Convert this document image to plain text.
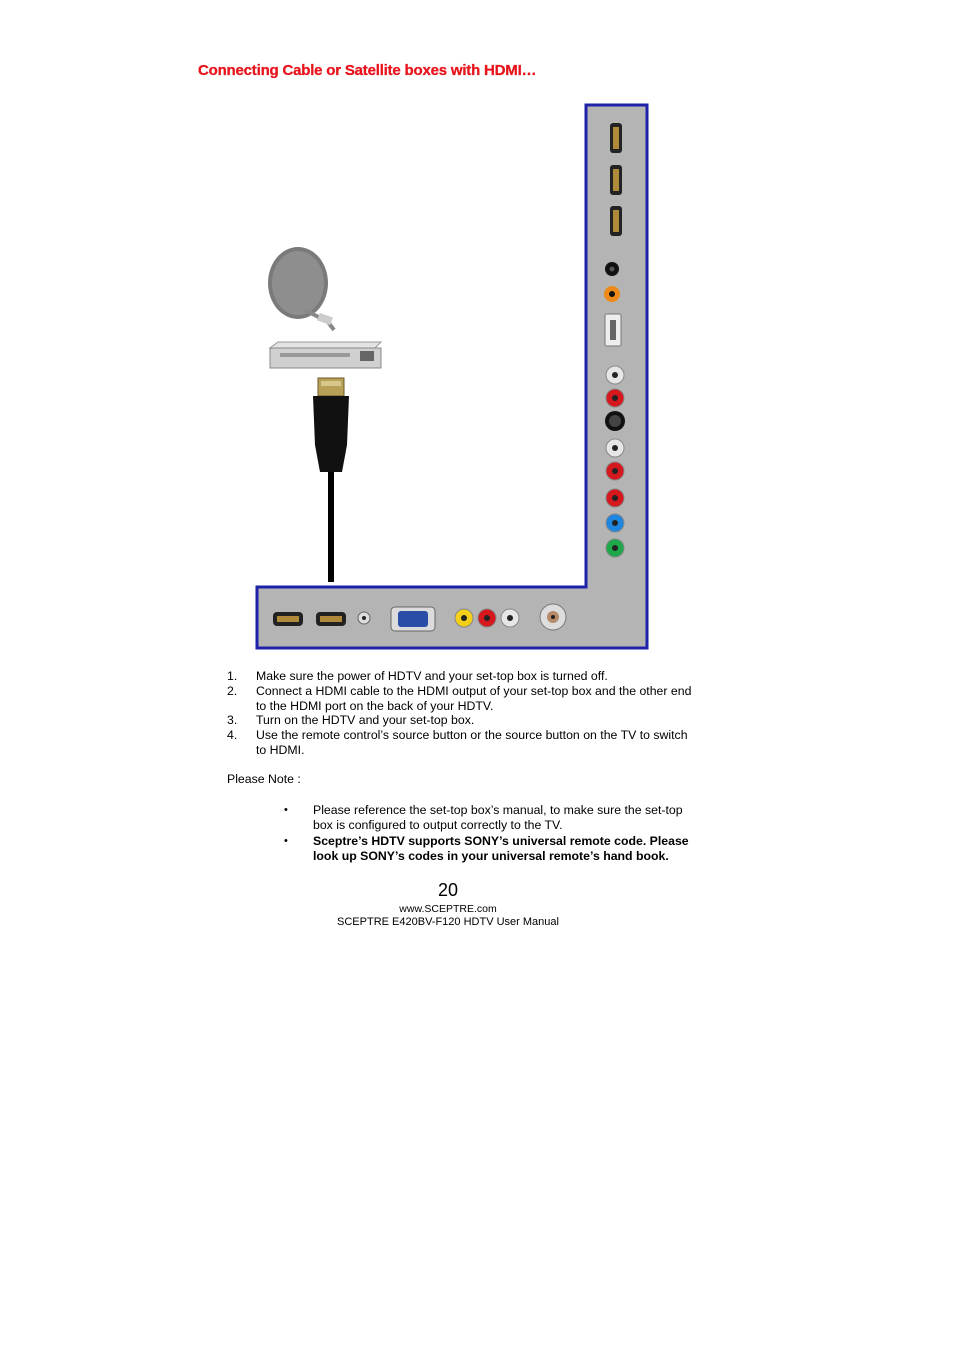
Connecting Cable or Satellite boxes with HDMI…
1.	Make sure the power of HDTV and your set-top box is turned off.
2.	Connect a HDMI cable to the HDMI output of your set-top box and the other end to the HDMI port on the back of your HDTV.
3.	Turn on the HDTV and your set-top box.
4.	Use the remote control’s source button or the source button on the TV to switch to HDMI.
Please Note :
•	Please reference the set-top box’s manual, to make sure the set-top box is configured to output correctly to the TV.
•	Sceptre’s HDTV supports SONY’s universal remote code. Please look up SONY’s codes in your universal remote’s hand book.
20
www.SCEPTRE.com
SCEPTRE E420BV-F120 HDTV User Manual
